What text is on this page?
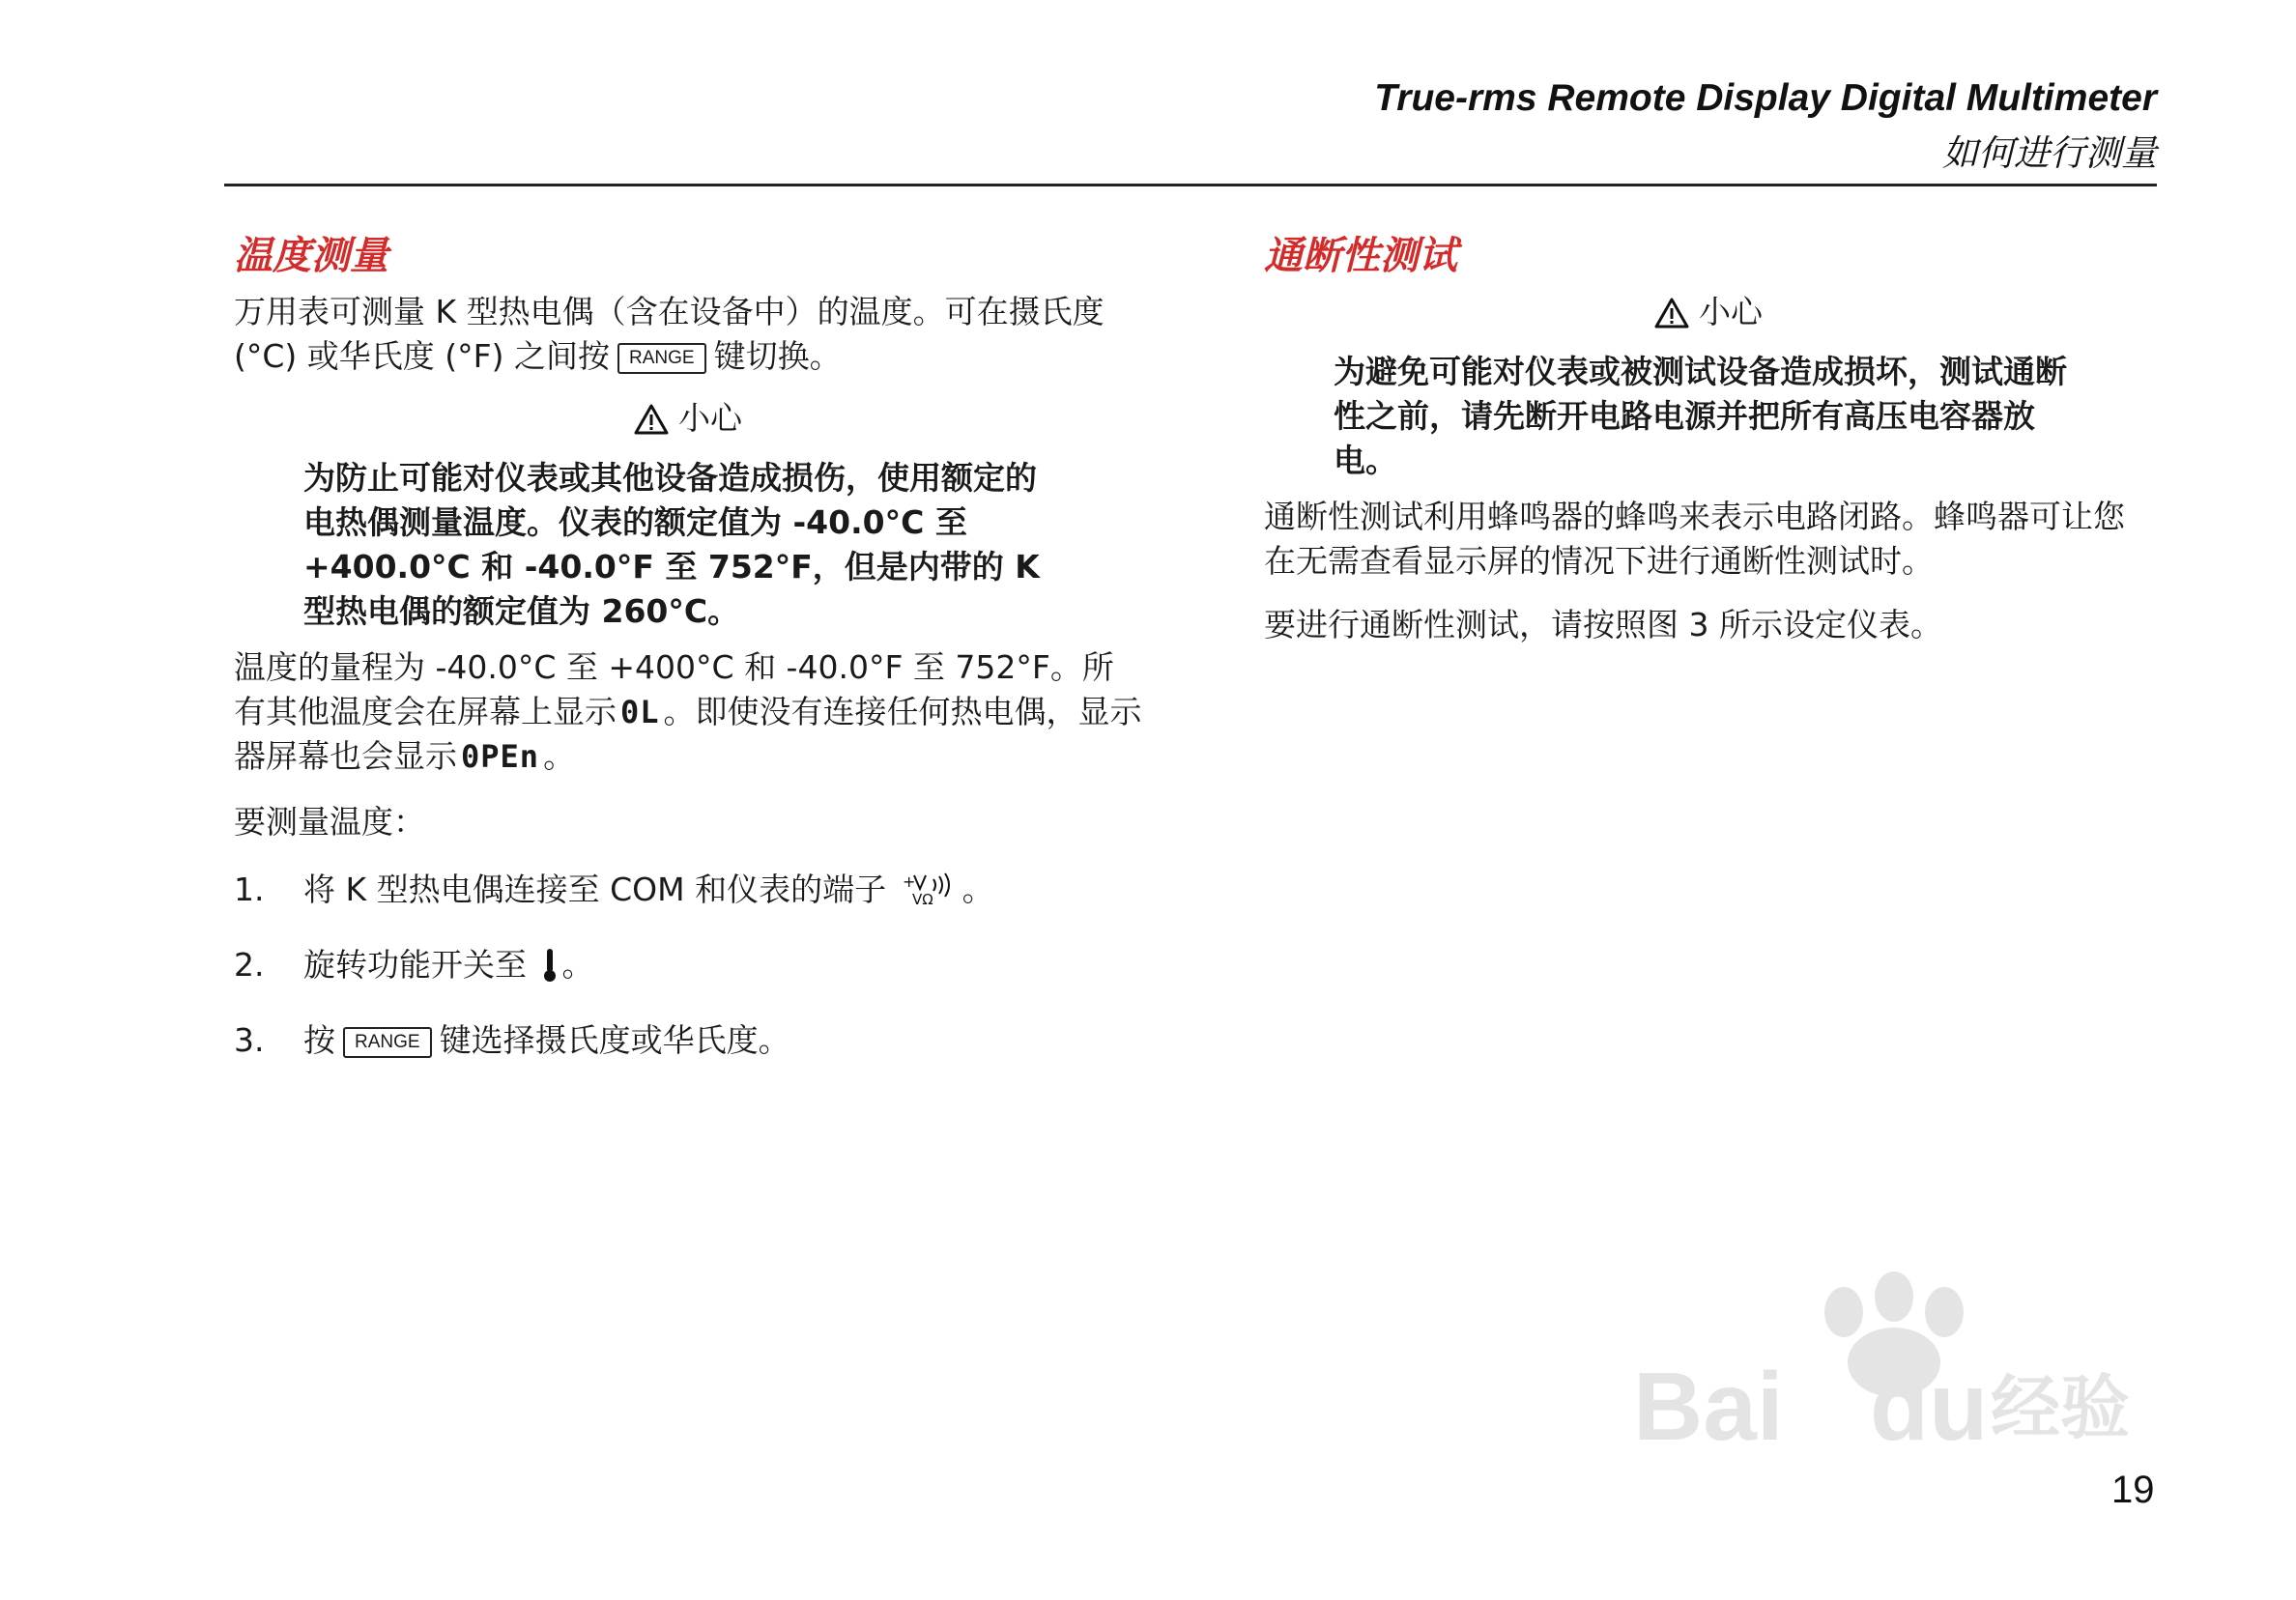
True-rms Remote Display Digital Multimeter
如何进行测量
温度测量

万用表可测量 K 型热电偶（含在设备中）的温度。可在摄氏度 (°C) 或华氏度 (°F) 之间按 RANGE 键切换。

小心

为防止可能对仪表或其他设备造成损伤，使用额定的电热偶测量温度。仪表的额定值为 -40.0°C 至 +400.0°C 和 -40.0°F 至 752°F，但是内带的 K 型热电偶的额定值为 260°C。

温度的量程为 -40.0°C 至 +400°C 和 -40.0°F 至 752°F。所有其他温度会在屏幕上显示 0L 。即使没有连接任何热电偶，显示器屏幕也会显示 0PEn 。

要测量温度：

1. 将 K 型热电偶连接至 COM 和仪表的端子 +
VΩ 。
2. 旋转功能开关至 。
3. 按 RANGE 键选择摄氏度或华氏度。
通断性测试
小心

为避免可能对仪表或被测试设备造成损坏，测试通断性之前，请先断开电路电源并把所有高压电容器放电。

通断性测试利用蜂鸣器的蜂鸣来表示电路闭路。蜂鸣器可让您在无需查看显示屏的情况下进行通断性测试时。

要进行通断性测试，请按照图 3 所示设定仪表。

Bai du 经验
19
